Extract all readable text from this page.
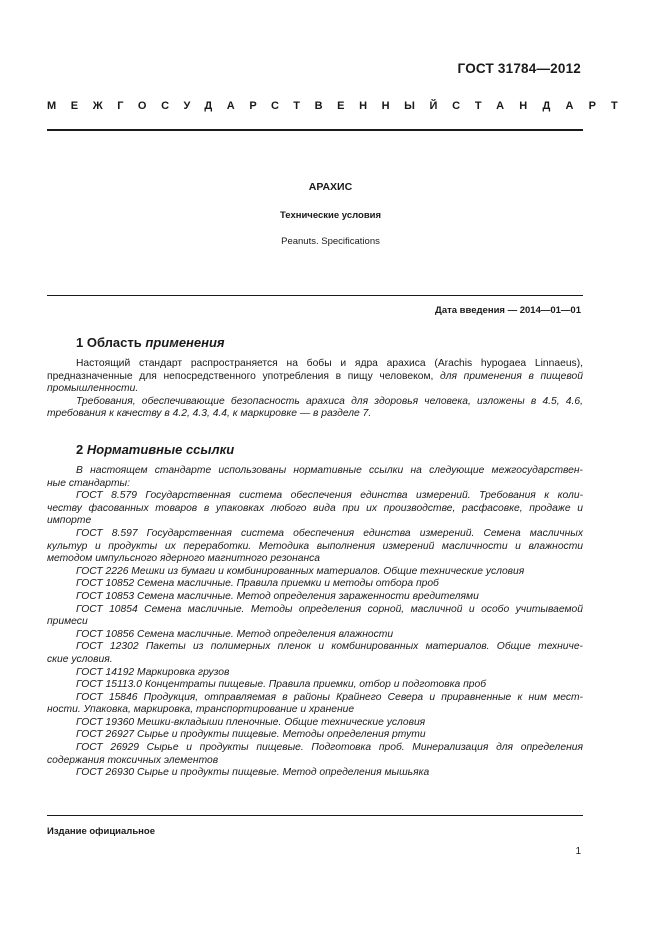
ГОСТ 31784—2012
МЕЖГОСУДАРСТВЕННЫЙ СТАНДАРТ
АРАХИС
Технические условия
Peanuts. Specifications
Дата введения — 2014—01—01
1 Область применения
Настоящий стандарт распространяется на бобы и ядра арахиса (Arachis hypogaea Linnaeus),
предназначенные для непосредственного употребления в пищу человеком, для применения в пищевой
промышленности.
Требования, обеспечивающие безопасность арахиса для здоровья человека, изложены в 4.5, 4.6,
требования к качеству в 4.2, 4.3, 4.4, к маркировке — в разделе 7.
2 Нормативные ссылки
В настоящем стандарте использованы нормативные ссылки на следующие межгосударствен-
ные стандарты:
ГОСТ 8.579 Государственная система обеспечения единства измерений. Требования к коли-
честву фасованных товаров в упаковках любого вида при их производстве, расфасовке, продаже и
импорте
ГОСТ 8.597 Государственная система обеспечения единства измерений. Семена масличных
культур и продукты их переработки. Методика выполнения измерений масличности и влажности
методом импульсного ядерного магнитного резонанса
ГОСТ 2226 Мешки из бумаги и комбинированных материалов. Общие технические условия
ГОСТ 10852 Семена масличные. Правила приемки и методы отбора проб
ГОСТ 10853 Семена масличные. Метод определения зараженности вредителями
ГОСТ 10854 Семена масличные. Методы определения сорной, масличной и особо учитываемой
примеси
ГОСТ 10856 Семена масличные. Метод определения влажности
ГОСТ 12302 Пакеты из полимерных пленок и комбинированных материалов. Общие техниче-
ские условия.
ГОСТ 14192 Маркировка грузов
ГОСТ 15113.0 Концентраты пищевые. Правила приемки, отбор и подготовка проб
ГОСТ 15846 Продукция, отправляемая в районы Крайнего Севера и приравненные к ним мест-
ности. Упаковка, маркировка, транспортирование и хранение
ГОСТ 19360 Мешки-вкладыши пленочные. Общие технические условия
ГОСТ 26927 Сырье и продукты пищевые. Методы определения ртути
ГОСТ 26929 Сырье и продукты пищевые. Подготовка проб. Минерализация для определения
содержания токсичных элементов
ГОСТ 26930 Сырье и продукты пищевые. Метод определения мышьяка
Издание официальное
1
